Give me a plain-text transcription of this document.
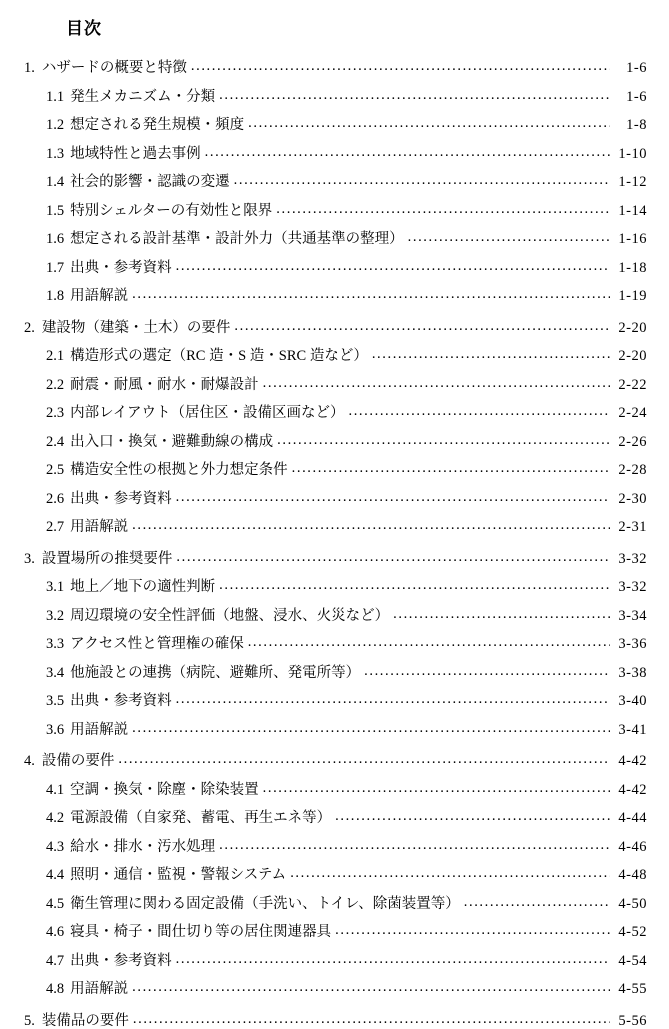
目次
1. ハザードの概要と特徴 .....	1-6
1.1 発生メカニズム・分類 .....	1-6
1.2 想定される発生規模・頻度 .....	1-8
1.3 地域特性と過去事例 .....	1-10
1.4 社会的影響・認識の変遷 .....	1-12
1.5 特別シェルターの有効性と限界 .....	1-14
1.6 想定される設計基準・設計外力（共通基準の整理） .....	1-16
1.7 出典・参考資料 .....	1-18
1.8 用語解説 .....	1-19
2. 建設物（建築・土木）の要件 .....	2-20
2.1 構造形式の選定（RC 造・S 造・SRC 造など） .....	2-20
2.2 耐震・耐風・耐水・耐爆設計 .....	2-22
2.3 内部レイアウト（居住区・設備区画など） .....	2-24
2.4 出入口・換気・避難動線の構成 .....	2-26
2.5 構造安全性の根拠と外力想定条件 .....	2-28
2.6 出典・参考資料 .....	2-30
2.7 用語解説 .....	2-31
3. 設置場所の推奨要件 .....	3-32
3.1 地上／地下の適性判断 .....	3-32
3.2 周辺環境の安全性評価（地盤、浸水、火災など） .....	3-34
3.3 アクセス性と管理権の確保 .....	3-36
3.4 他施設との連携（病院、避難所、発電所等） .....	3-38
3.5 出典・参考資料 .....	3-40
3.6 用語解説 .....	3-41
4. 設備の要件 .....	4-42
4.1 空調・換気・除塵・除染装置 .....	4-42
4.2 電源設備（自家発、蓄電、再生エネ等） .....	4-44
4.3 給水・排水・汚水処理 .....	4-46
4.4 照明・通信・監視・警報システム .....	4-48
4.5 衛生管理に関わる固定設備（手洗い、トイレ、除菌装置等） .....	4-50
4.6 寝具・椅子・間仕切り等の居住関連器具 .....	4-52
4.7 出典・参考資料 .....	4-54
4.8 用語解説 .....	4-55
5. 装備品の要件 .....	5-56
